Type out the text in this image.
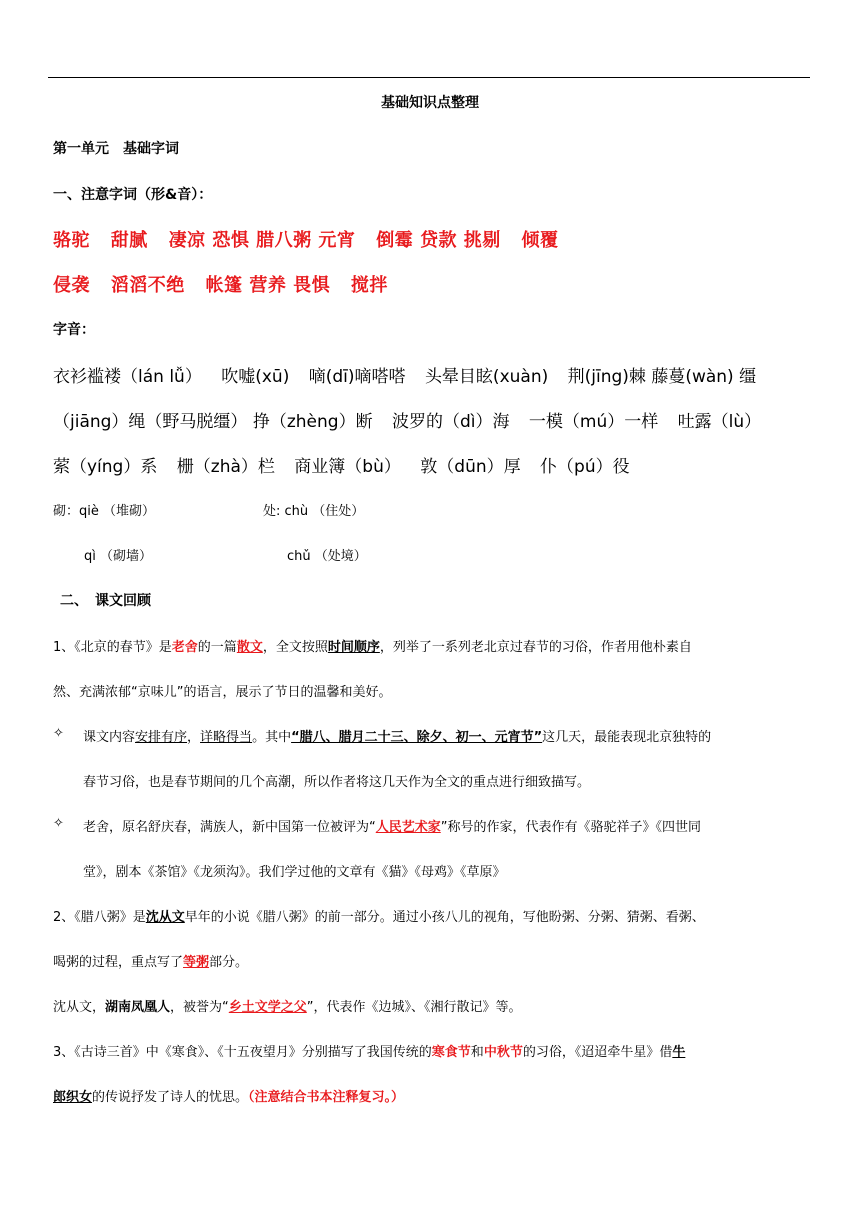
基础知识点整理
第一单元　基础字词
一、注意字词（形&音）：
骆驼 甜腻 凄凉 恐惧 腊八粥 元宵 倒霉 贷款 挑剔 倾覆
侵袭 滔滔不绝 帐篷 营养 畏惧 搅拌
字音：
衣衫褴褛（lán lǚ） 吹嘘(xū) 嘀(dī)嘀嗒嗒 头晕目眩(xuàn) 荆(jīng)棘 藤蔓(wàn) 缰
（jiāng）绳（野马脱缰） 挣（zhèng）断 波罗的（dì）海 一模（mú）一样 吐露（lù）
萦（yíng）系 栅（zhà）栏 商业簿（bù） 敦（dūn）厚 仆（pú）役
砌：qiè （堆砌）	处: chù （住处）
qì （砌墙）	chǔ （处境）
二、　课文回顾
1、《北京的春节》是老舍的一篇散文，全文按照时间顺序，列举了一系列老北京过春节的习俗，作者用他朴素自
然、充满浓郁“京味儿”的语言，展示了节日的温馨和美好。
✧ 课文内容安排有序，详略得当。其中“腊八、腊月二十三、除夕、初一、元宵节”这几天，最能表现北京独特的
春节习俗，也是春节期间的几个高潮，所以作者将这几天作为全文的重点进行细致描写。
✧ 老舍，原名舒庆春，满族人，新中国第一位被评为“人民艺术家”称号的作家，代表作有《骆驼祥子》《四世同
堂》，剧本《茶馆》《龙须沟》。我们学过他的文章有《猫》《母鸡》《草原》
2、《腊八粥》是沈从文早年的小说《腊八粥》的前一部分。通过小孩八儿的视角，写他盼粥、分粥、猜粥、看粥、
喝粥的过程，重点写了等粥部分。
沈从文，湖南凤凰人，被誉为“乡土文学之父”，代表作《边城》、《湘行散记》等。
3、《古诗三首》中《寒食》、《十五夜望月》分别描写了我国传统的寒食节和中秋节的习俗，《迢迢牵牛星》借牛
郎织女的传说抒发了诗人的忧思。（注意结合书本注释复习。）
